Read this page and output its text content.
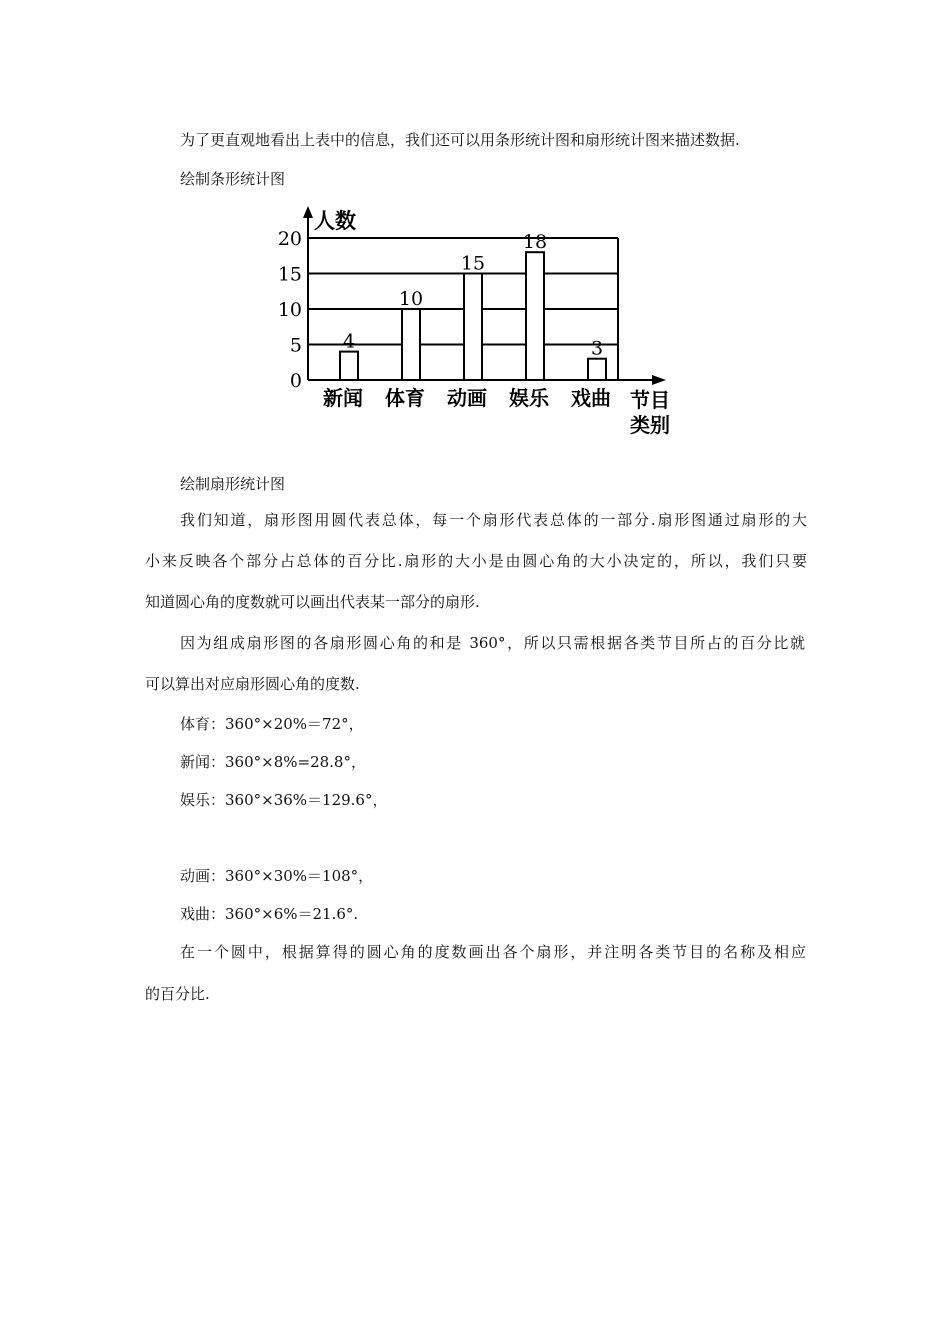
为了更直观地看出上表中的信息，我们还可以用条形统计图和扇形统计图来描述数据.
绘制条形统计图
0
5
10
15
20
人数
4
新闻
10
体育
15
动画
18
娱乐
3
戏曲 节目
类别
绘制扇形统计图
我们知道，扇形图用圆代表总体，每一个扇形代表总体的一部分.扇形图通过扇形的大
小来反映各个部分占总体的百分比.扇形的大小是由圆心角的大小决定的，所以，我们只要
知道圆心角的度数就可以画出代表某一部分的扇形.
因为组成扇形图的各扇形圆心角的和是 360°，所以只需根据各类节目所占的百分比就
可以算出对应扇形圆心角的度数.
体育：360°×20%＝72°，
新闻：360°×8%=28.8°，
娱乐：360°×36%＝129.6°，
动画：360°×30%＝108°，
戏曲：360°×6%＝21.6°.
在一个圆中，根据算得的圆心角的度数画出各个扇形，并注明各类节目的名称及相应
的百分比.
